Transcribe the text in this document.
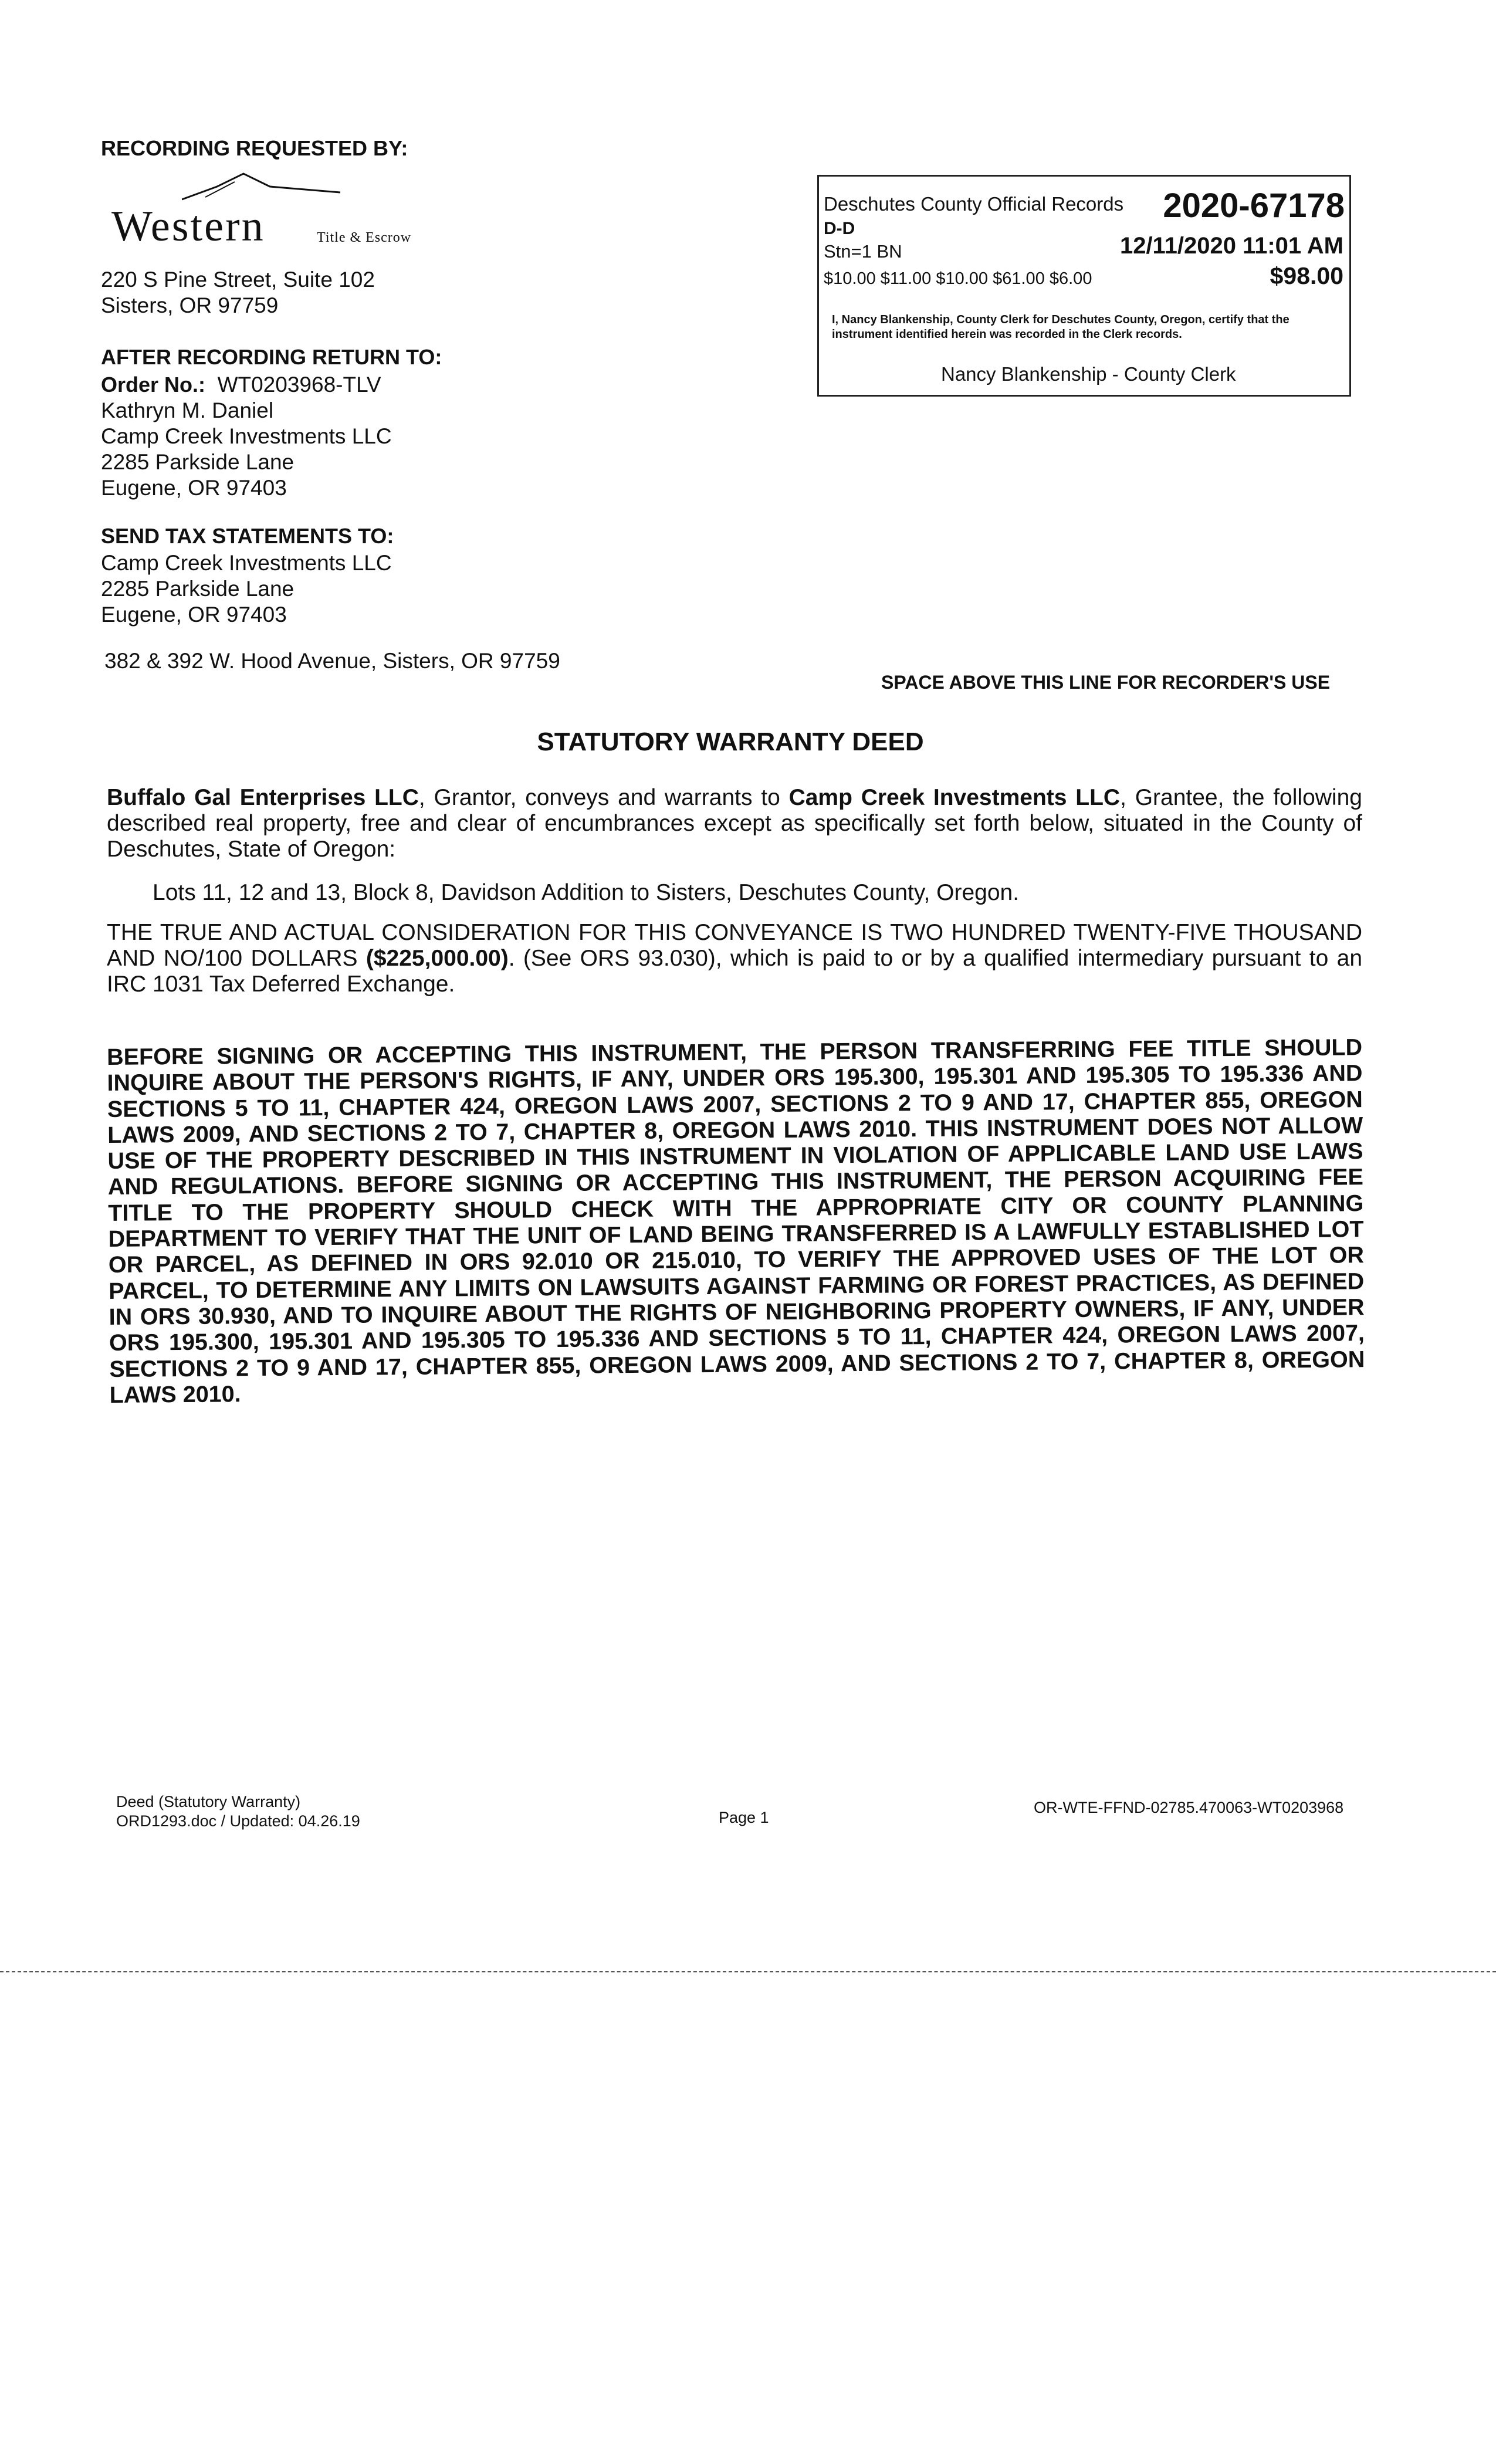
RECORDING REQUESTED BY:
Western	Title & Escrow
220 S Pine Street, Suite 102
Sisters, OR 97759
AFTER RECORDING RETURN TO:
Order No.: WT0203968-TLV
Kathryn M. Daniel
Camp Creek Investments LLC
2285 Parkside Lane
Eugene, OR 97403
SEND TAX STATEMENTS TO:
Camp Creek Investments LLC
2285 Parkside Lane
Eugene, OR 97403
382 & 392 W. Hood Avenue, Sisters, OR 97759
Deschutes County Official Records 2020-67178
D-D
Stn=1 BN	12/11/2020 11:01 AM
$10.00 $11.00 $10.00 $61.00 $6.00	$98.00
I, Nancy Blankenship, County Clerk for Deschutes County, Oregon, certify that the instrument identified herein was recorded in the Clerk records.
Nancy Blankenship - County Clerk
SPACE ABOVE THIS LINE FOR RECORDER'S USE
STATUTORY WARRANTY DEED

Buffalo Gal Enterprises LLC, Grantor, conveys and warrants to Camp Creek Investments LLC, Grantee, the following described real property, free and clear of encumbrances except as specifically set forth below, situated in the County of Deschutes, State of Oregon:

Lots 11, 12 and 13, Block 8, Davidson Addition to Sisters, Deschutes County, Oregon.

THE TRUE AND ACTUAL CONSIDERATION FOR THIS CONVEYANCE IS TWO HUNDRED TWENTY-FIVE THOUSAND AND NO/100 DOLLARS ($225,000.00). (See ORS 93.030), which is paid to or by a qualified intermediary pursuant to an IRC 1031 Tax Deferred Exchange.

BEFORE SIGNING OR ACCEPTING THIS INSTRUMENT, THE PERSON TRANSFERRING FEE TITLE SHOULD INQUIRE ABOUT THE PERSON'S RIGHTS, IF ANY, UNDER ORS 195.300, 195.301 AND 195.305 TO 195.336 AND SECTIONS 5 TO 11, CHAPTER 424, OREGON LAWS 2007, SECTIONS 2 TO 9 AND 17, CHAPTER 855, OREGON LAWS 2009, AND SECTIONS 2 TO 7, CHAPTER 8, OREGON LAWS 2010. THIS INSTRUMENT DOES NOT ALLOW USE OF THE PROPERTY DESCRIBED IN THIS INSTRUMENT IN VIOLATION OF APPLICABLE LAND USE LAWS AND REGULATIONS. BEFORE SIGNING OR ACCEPTING THIS INSTRUMENT, THE PERSON ACQUIRING FEE TITLE TO THE PROPERTY SHOULD CHECK WITH THE APPROPRIATE CITY OR COUNTY PLANNING DEPARTMENT TO VERIFY THAT THE UNIT OF LAND BEING TRANSFERRED IS A LAWFULLY ESTABLISHED LOT OR PARCEL, AS DEFINED IN ORS 92.010 OR 215.010, TO VERIFY THE APPROVED USES OF THE LOT OR PARCEL, TO DETERMINE ANY LIMITS ON LAWSUITS AGAINST FARMING OR FOREST PRACTICES, AS DEFINED IN ORS 30.930, AND TO INQUIRE ABOUT THE RIGHTS OF NEIGHBORING PROPERTY OWNERS, IF ANY, UNDER ORS 195.300, 195.301 AND 195.305 TO 195.336 AND SECTIONS 5 TO 11, CHAPTER 424, OREGON LAWS 2007, SECTIONS 2 TO 9 AND 17, CHAPTER 855, OREGON LAWS 2009, AND SECTIONS 2 TO 7, CHAPTER 8, OREGON LAWS 2010.
Deed (Statutory Warranty)
ORD1293.doc / Updated: 04.26.19	Page 1
OR-WTE-FFND-02785.470063-WT0203968
